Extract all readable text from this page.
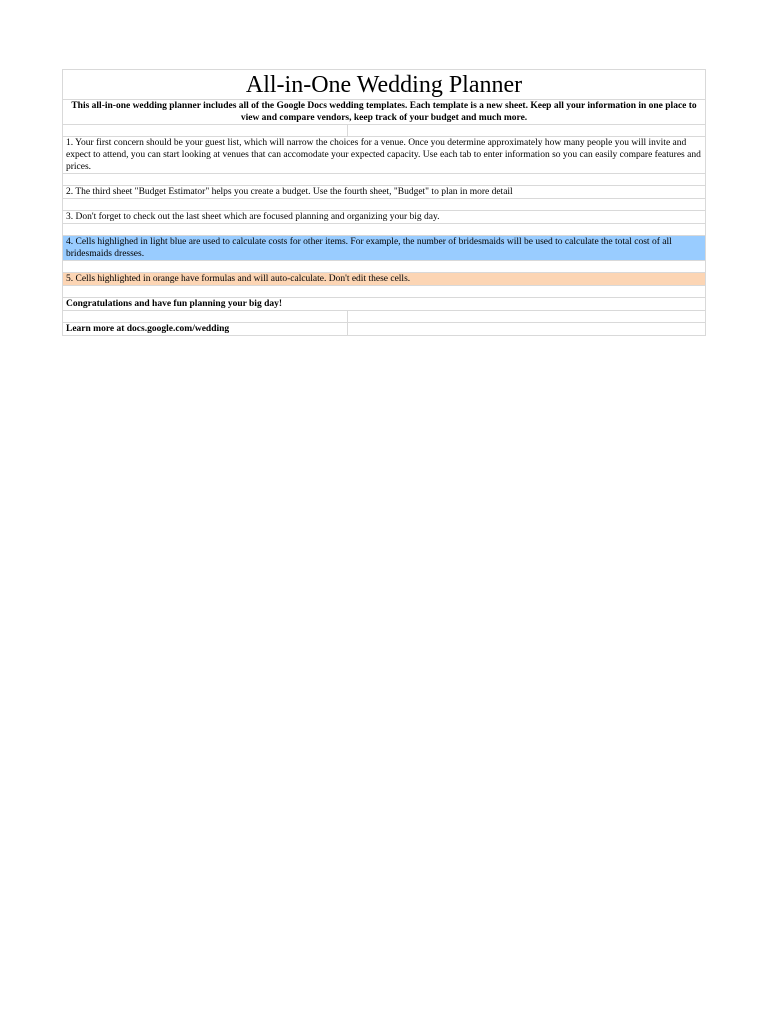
All-in-One Wedding Planner	
This all-in-one wedding planner includes all of the Google Docs wedding templates. Each template is a new sheet. Keep all your information in one place to view and compare vendors, keep track of your budget and much more.	

1. Your first concern should be your guest list, which will narrow the choices for a venue. Once you determine approximately how many people you will invite and expect to attend, you can start looking at venues that can accomodate your expected capacity. Use each tab to enter information so you can easily compare features and prices.	

2. The third sheet "Budget Estimator" helps you create a budget. Use the fourth sheet, "Budget" to plan in more detail	

3. Don't forget to check out the last sheet which are focused planning and organizing your big day.	

4. Cells highlighed in light blue are used to calculate costs for other items. For example, the number of bridesmaids will be used to calculate the total cost of all bridesmaids dresses.	

5. Cells highlighted in orange have formulas and will auto-calculate. Don't edit these cells.	

Congratulations and have fun planning your big day!	

Learn more at docs.google.com/wedding	
